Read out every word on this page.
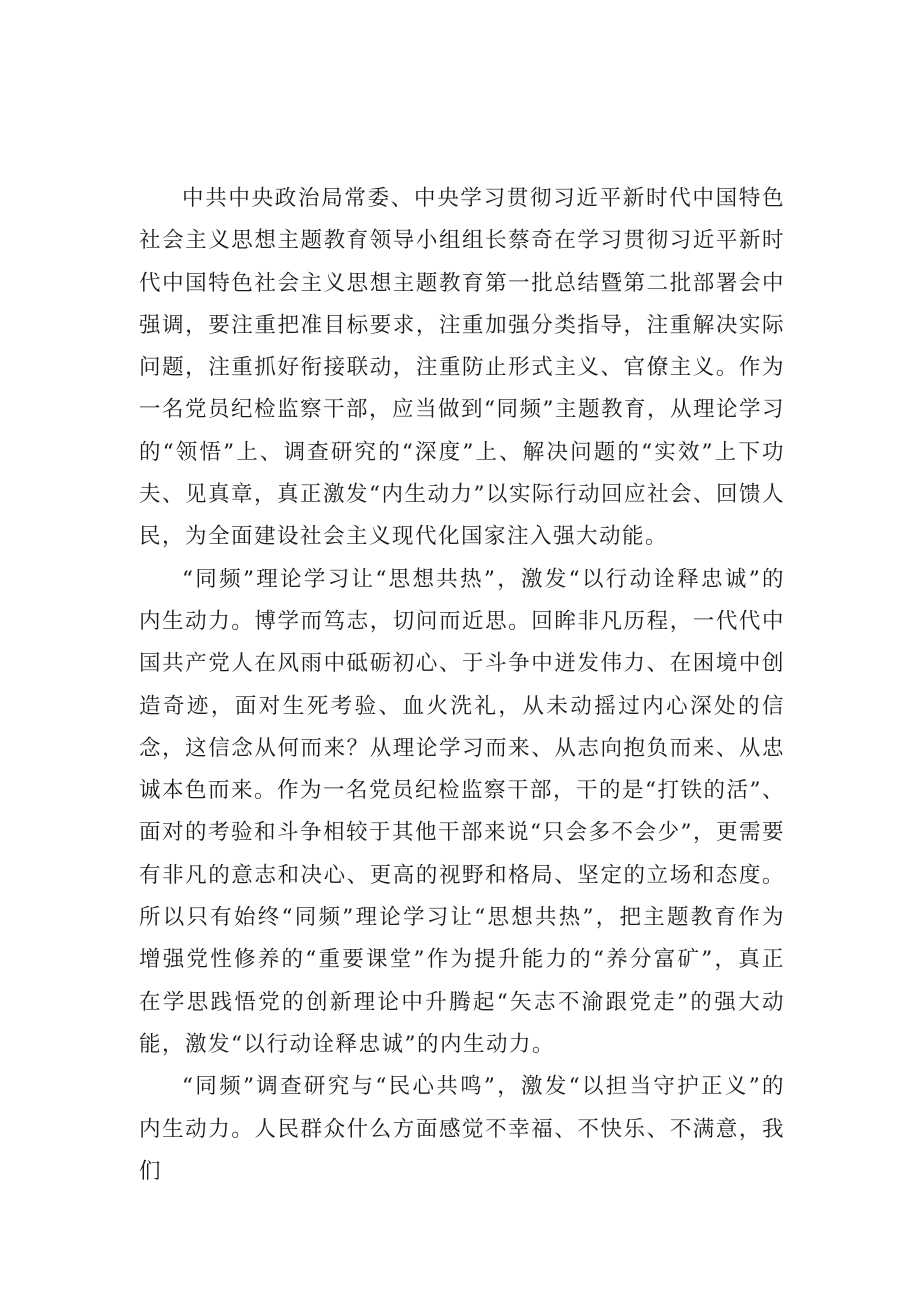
中共中央政治局常委、中央学习贯彻习近平新时代中国特色社会主义思想主题教育领导小组组长蔡奇在学习贯彻习近平新时代中国特色社会主义思想主题教育第一批总结暨第二批部署会中强调，要注重把准目标要求，注重加强分类指导，注重解决实际问题，注重抓好衔接联动，注重防止形式主义、官僚主义。作为一名党员纪检监察干部，应当做到“同频”主题教育，从理论学习的“领悟”上、调查研究的“深度”上、解决问题的“实效”上下功夫、见真章，真正激发“内生动力”以实际行动回应社会、回馈人民，为全面建设社会主义现代化国家注入强大动能。

“同频”理论学习让“思想共热”，激发“以行动诠释忠诚”的内生动力。博学而笃志，切问而近思。回眸非凡历程，一代代中国共产党人在风雨中砥砺初心、于斗争中迸发伟力、在困境中创造奇迹，面对生死考验、血火洗礼，从未动摇过内心深处的信念，这信念从何而来？从理论学习而来、从志向抱负而来、从忠诚本色而来。作为一名党员纪检监察干部，干的是“打铁的活”、面对的考验和斗争相较于其他干部来说“只会多不会少”，更需要有非凡的意志和决心、更高的视野和格局、坚定的立场和态度。所以只有始终“同频”理论学习让“思想共热”，把主题教育作为增强党性修养的“重要课堂”作为提升能力的“养分富矿”，真正在学思践悟党的创新理论中升腾起“矢志不渝跟党走”的强大动能，激发“以行动诠释忠诚”的内生动力。

“同频”调查研究与“民心共鸣”，激发“以担当守护正义”的内生动力。人民群众什么方面感觉不幸福、不快乐、不满意，我们
